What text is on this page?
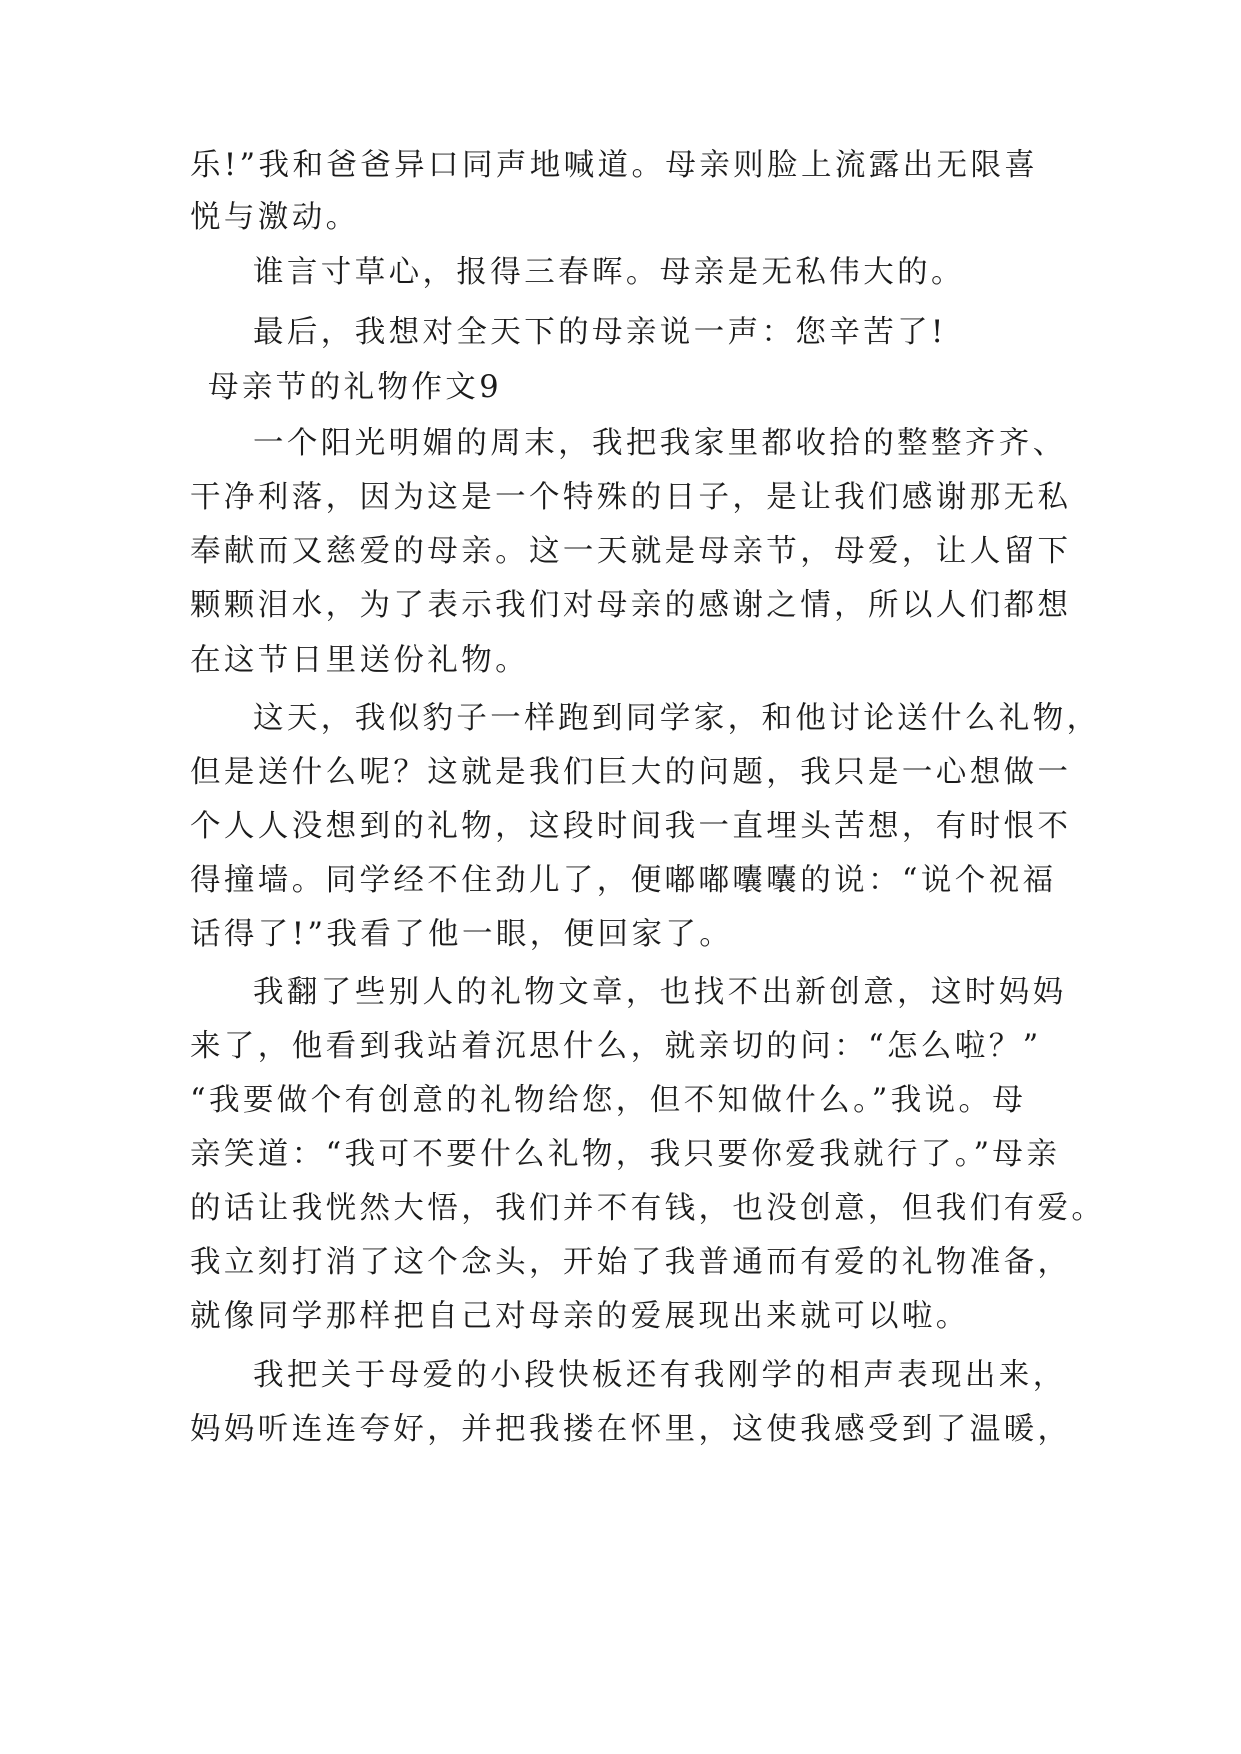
乐!”我和爸爸异口同声地喊道。母亲则脸上流露出无限喜

悦与激动。

谁言寸草心，报得三春晖。母亲是无私伟大的。

最后，我想对全天下的母亲说一声：您辛苦了!

母亲节的礼物作文9

一个阳光明媚的周末，我把我家里都收拾的整整齐齐、

干净利落，因为这是一个特殊的日子，是让我们感谢那无私

奉献而又慈爱的母亲。这一天就是母亲节，母爱，让人留下

颗颗泪水，为了表示我们对母亲的感谢之情，所以人们都想

在这节日里送份礼物。

这天，我似豹子一样跑到同学家，和他讨论送什么礼物，

但是送什么呢？这就是我们巨大的问题，我只是一心想做一

个人人没想到的礼物，这段时间我一直埋头苦想，有时恨不

得撞墙。同学经不住劲儿了，便嘟嘟囔囔的说：“说个祝福

话得了!”我看了他一眼，便回家了。

我翻了些别人的礼物文章，也找不出新创意，这时妈妈

来了，他看到我站着沉思什么，就亲切的问：“怎么啦？”

“我要做个有创意的礼物给您，但不知做什么。”我说。母

亲笑道：“我可不要什么礼物，我只要你爱我就行了。”母亲

的话让我恍然大悟，我们并不有钱，也没创意，但我们有爱。

我立刻打消了这个念头，开始了我普通而有爱的礼物准备，

就像同学那样把自己对母亲的爱展现出来就可以啦。

我把关于母爱的小段快板还有我刚学的相声表现出来，

妈妈听连连夸好，并把我搂在怀里，这使我感受到了温暖，
